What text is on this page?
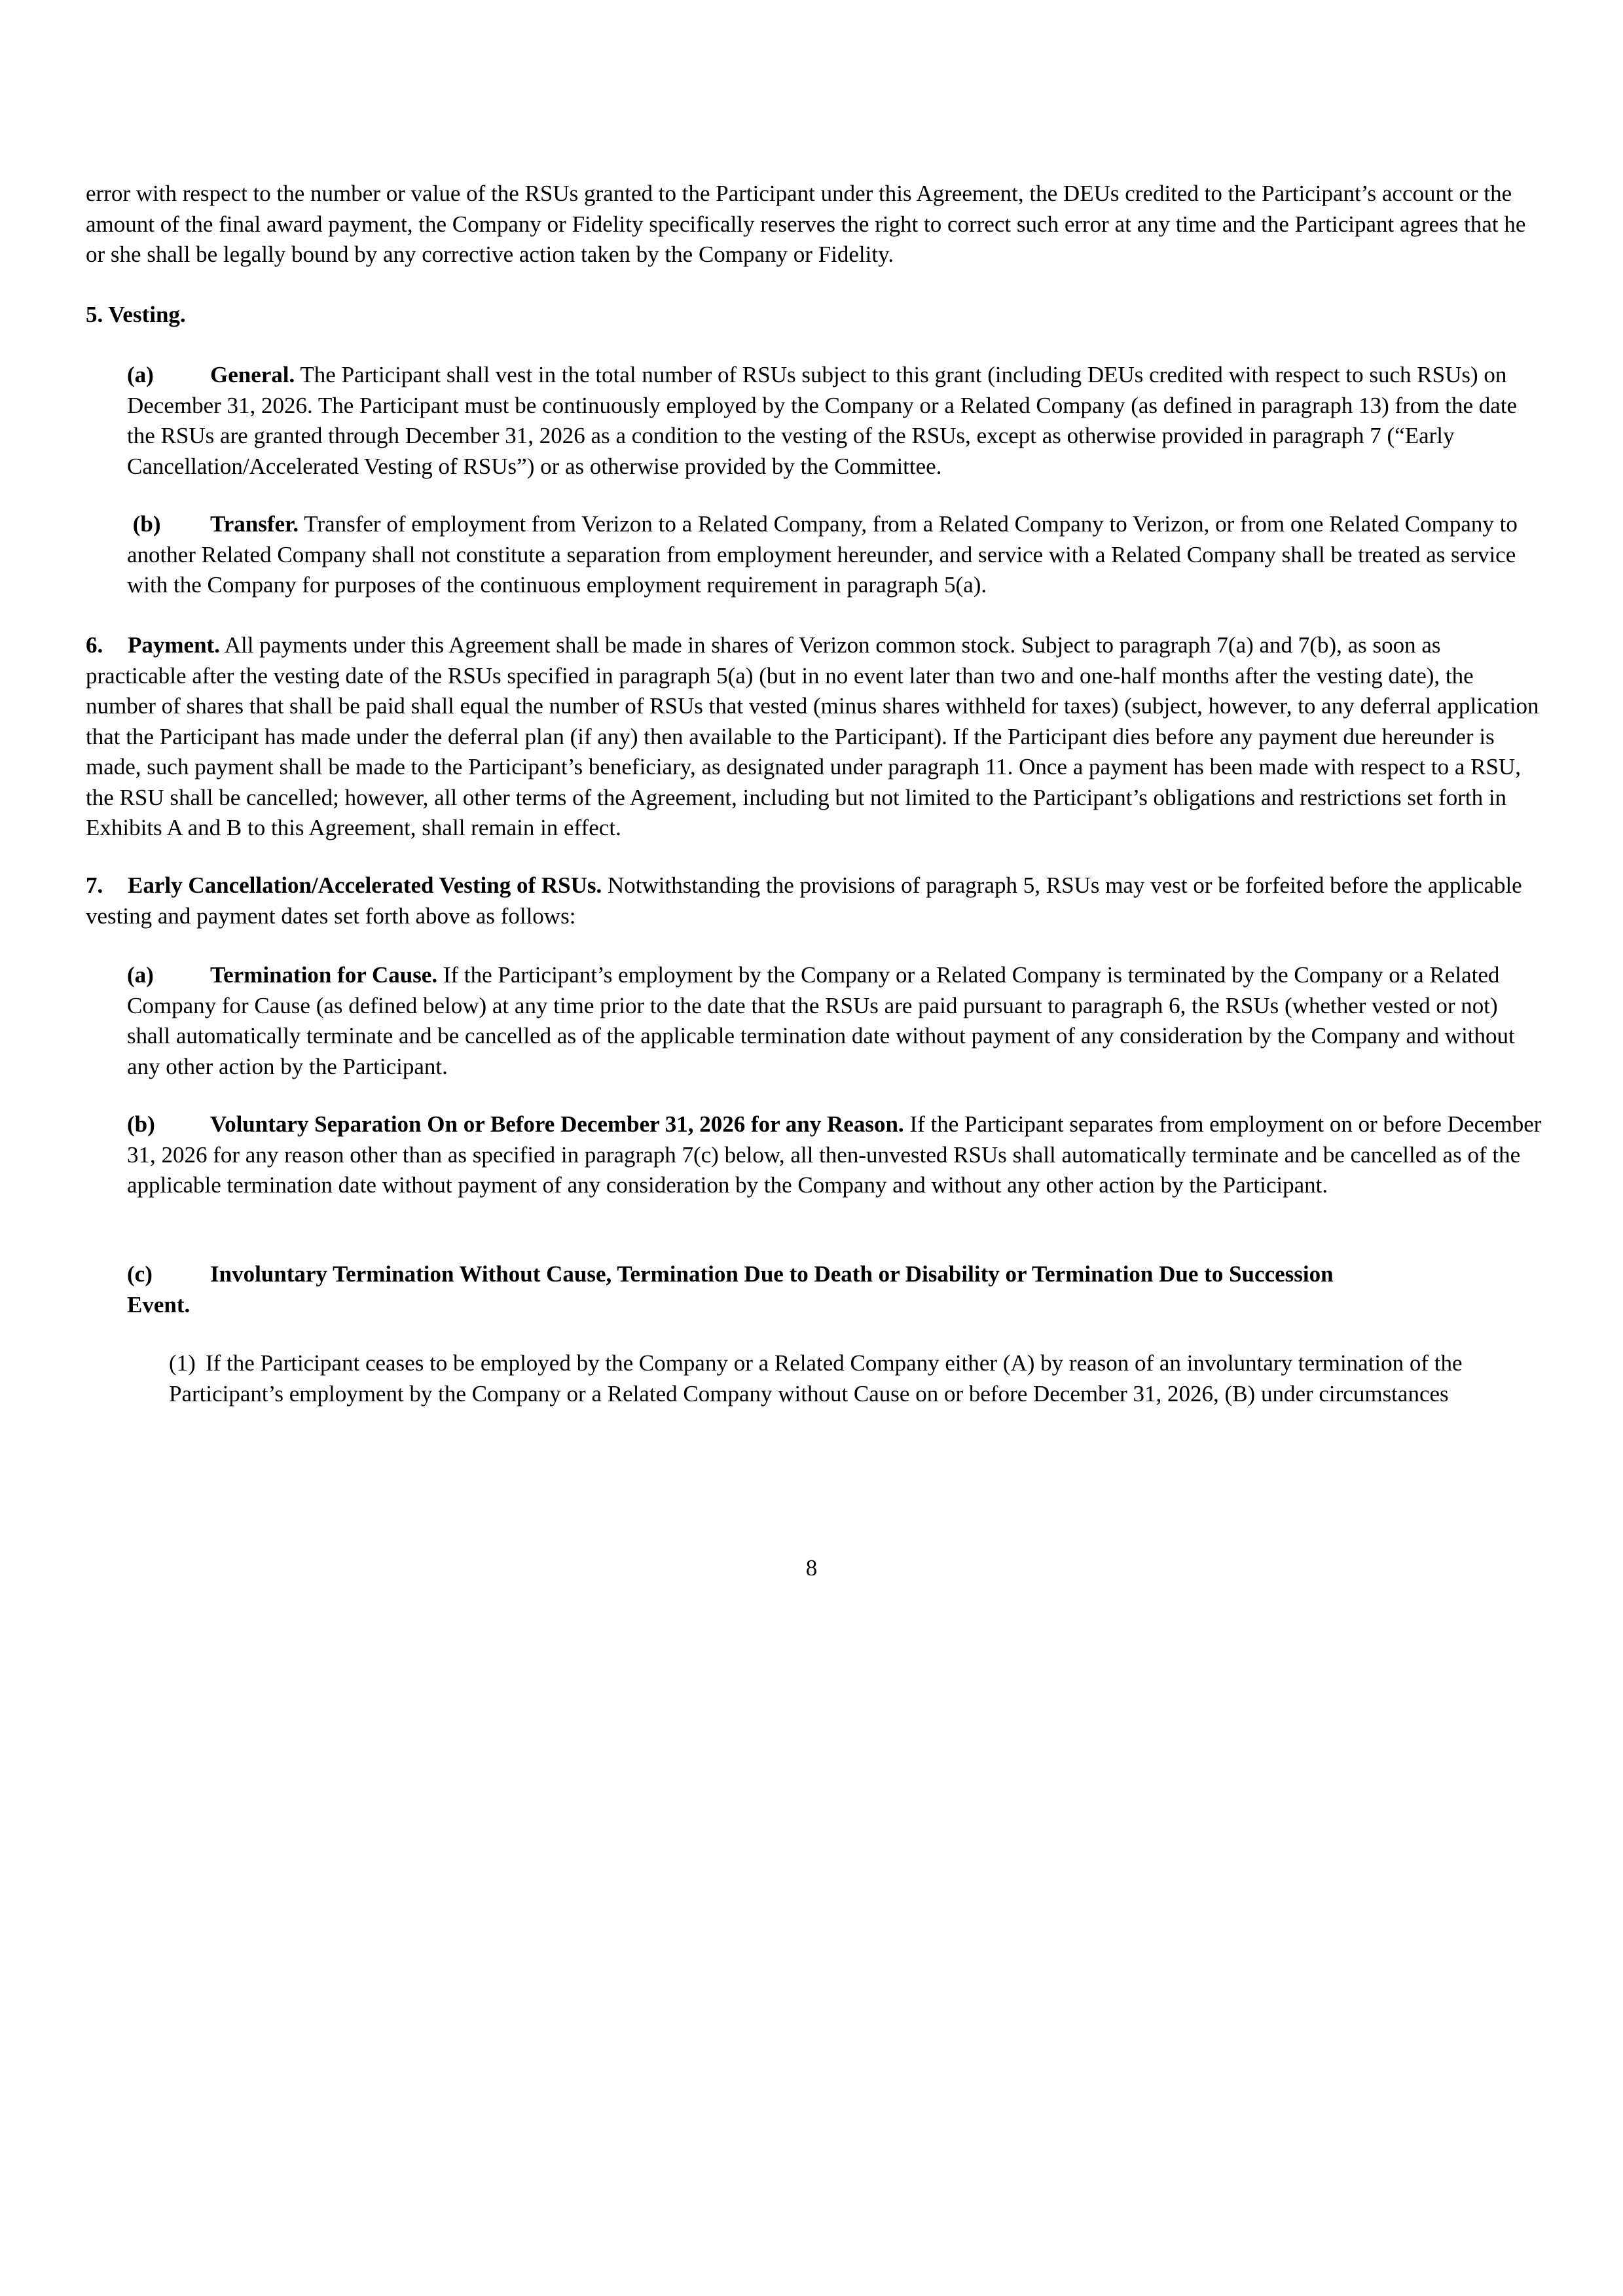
error with respect to the number or value of the RSUs granted to the Participant under this Agreement, the DEUs credited to the Participant’s account or the amount of the final award payment, the Company or Fidelity specifically reserves the right to correct such error at any time and the Participant agrees that he or she shall be legally bound by any corrective action taken by the Company or Fidelity.

5. Vesting.

(a) General. The Participant shall vest in the total number of RSUs subject to this grant (including DEUs credited with respect to such RSUs) on December 31, 2026. The Participant must be continuously employed by the Company or a Related Company (as defined in paragraph 13) from the date the RSUs are granted through December 31, 2026 as a condition to the vesting of the RSUs, except as otherwise provided in paragraph 7 (“Early Cancellation/Accelerated Vesting of RSUs”) or as otherwise provided by the Committee.

(b) Transfer. Transfer of employment from Verizon to a Related Company, from a Related Company to Verizon, or from one Related Company to another Related Company shall not constitute a separation from employment hereunder, and service with a Related Company shall be treated as service with the Company for purposes of the continuous employment requirement in paragraph 5(a).

6. Payment. All payments under this Agreement shall be made in shares of Verizon common stock. Subject to paragraph 7(a) and 7(b), as soon as practicable after the vesting date of the RSUs specified in paragraph 5(a) (but in no event later than two and one-half months after the vesting date), the number of shares that shall be paid shall equal the number of RSUs that vested (minus shares withheld for taxes) (subject, however, to any deferral application that the Participant has made under the deferral plan (if any) then available to the Participant). If the Participant dies before any payment due hereunder is made, such payment shall be made to the Participant’s beneficiary, as designated under paragraph 11. Once a payment has been made with respect to a RSU, the RSU shall be cancelled; however, all other terms of the Agreement, including but not limited to the Participant’s obligations and restrictions set forth in Exhibits A and B to this Agreement, shall remain in effect.

7. Early Cancellation/Accelerated Vesting of RSUs. Notwithstanding the provisions of paragraph 5, RSUs may vest or be forfeited before the applicable vesting and payment dates set forth above as follows:

(a) Termination for Cause. If the Participant’s employment by the Company or a Related Company is terminated by the Company or a Related Company for Cause (as defined below) at any time prior to the date that the RSUs are paid pursuant to paragraph 6, the RSUs (whether vested or not) shall automatically terminate and be cancelled as of the applicable termination date without payment of any consideration by the Company and without any other action by the Participant.

(b) Voluntary Separation On or Before December 31, 2026 for any Reason. If the Participant separates from employment on or before December 31, 2026 for any reason other than as specified in paragraph 7(c) below, all then-unvested RSUs shall automatically terminate and be cancelled as of the applicable termination date without payment of any consideration by the Company and without any other action by the Participant.

(c)	Involuntary Termination Without Cause, Termination Due to Death or Disability or Termination Due to Succession Event.

(1) If the Participant ceases to be employed by the Company or a Related Company either (A) by reason of an involuntary termination of the Participant’s employment by the Company or a Related Company without Cause on or before December 31, 2026, (B) under circumstances

8
